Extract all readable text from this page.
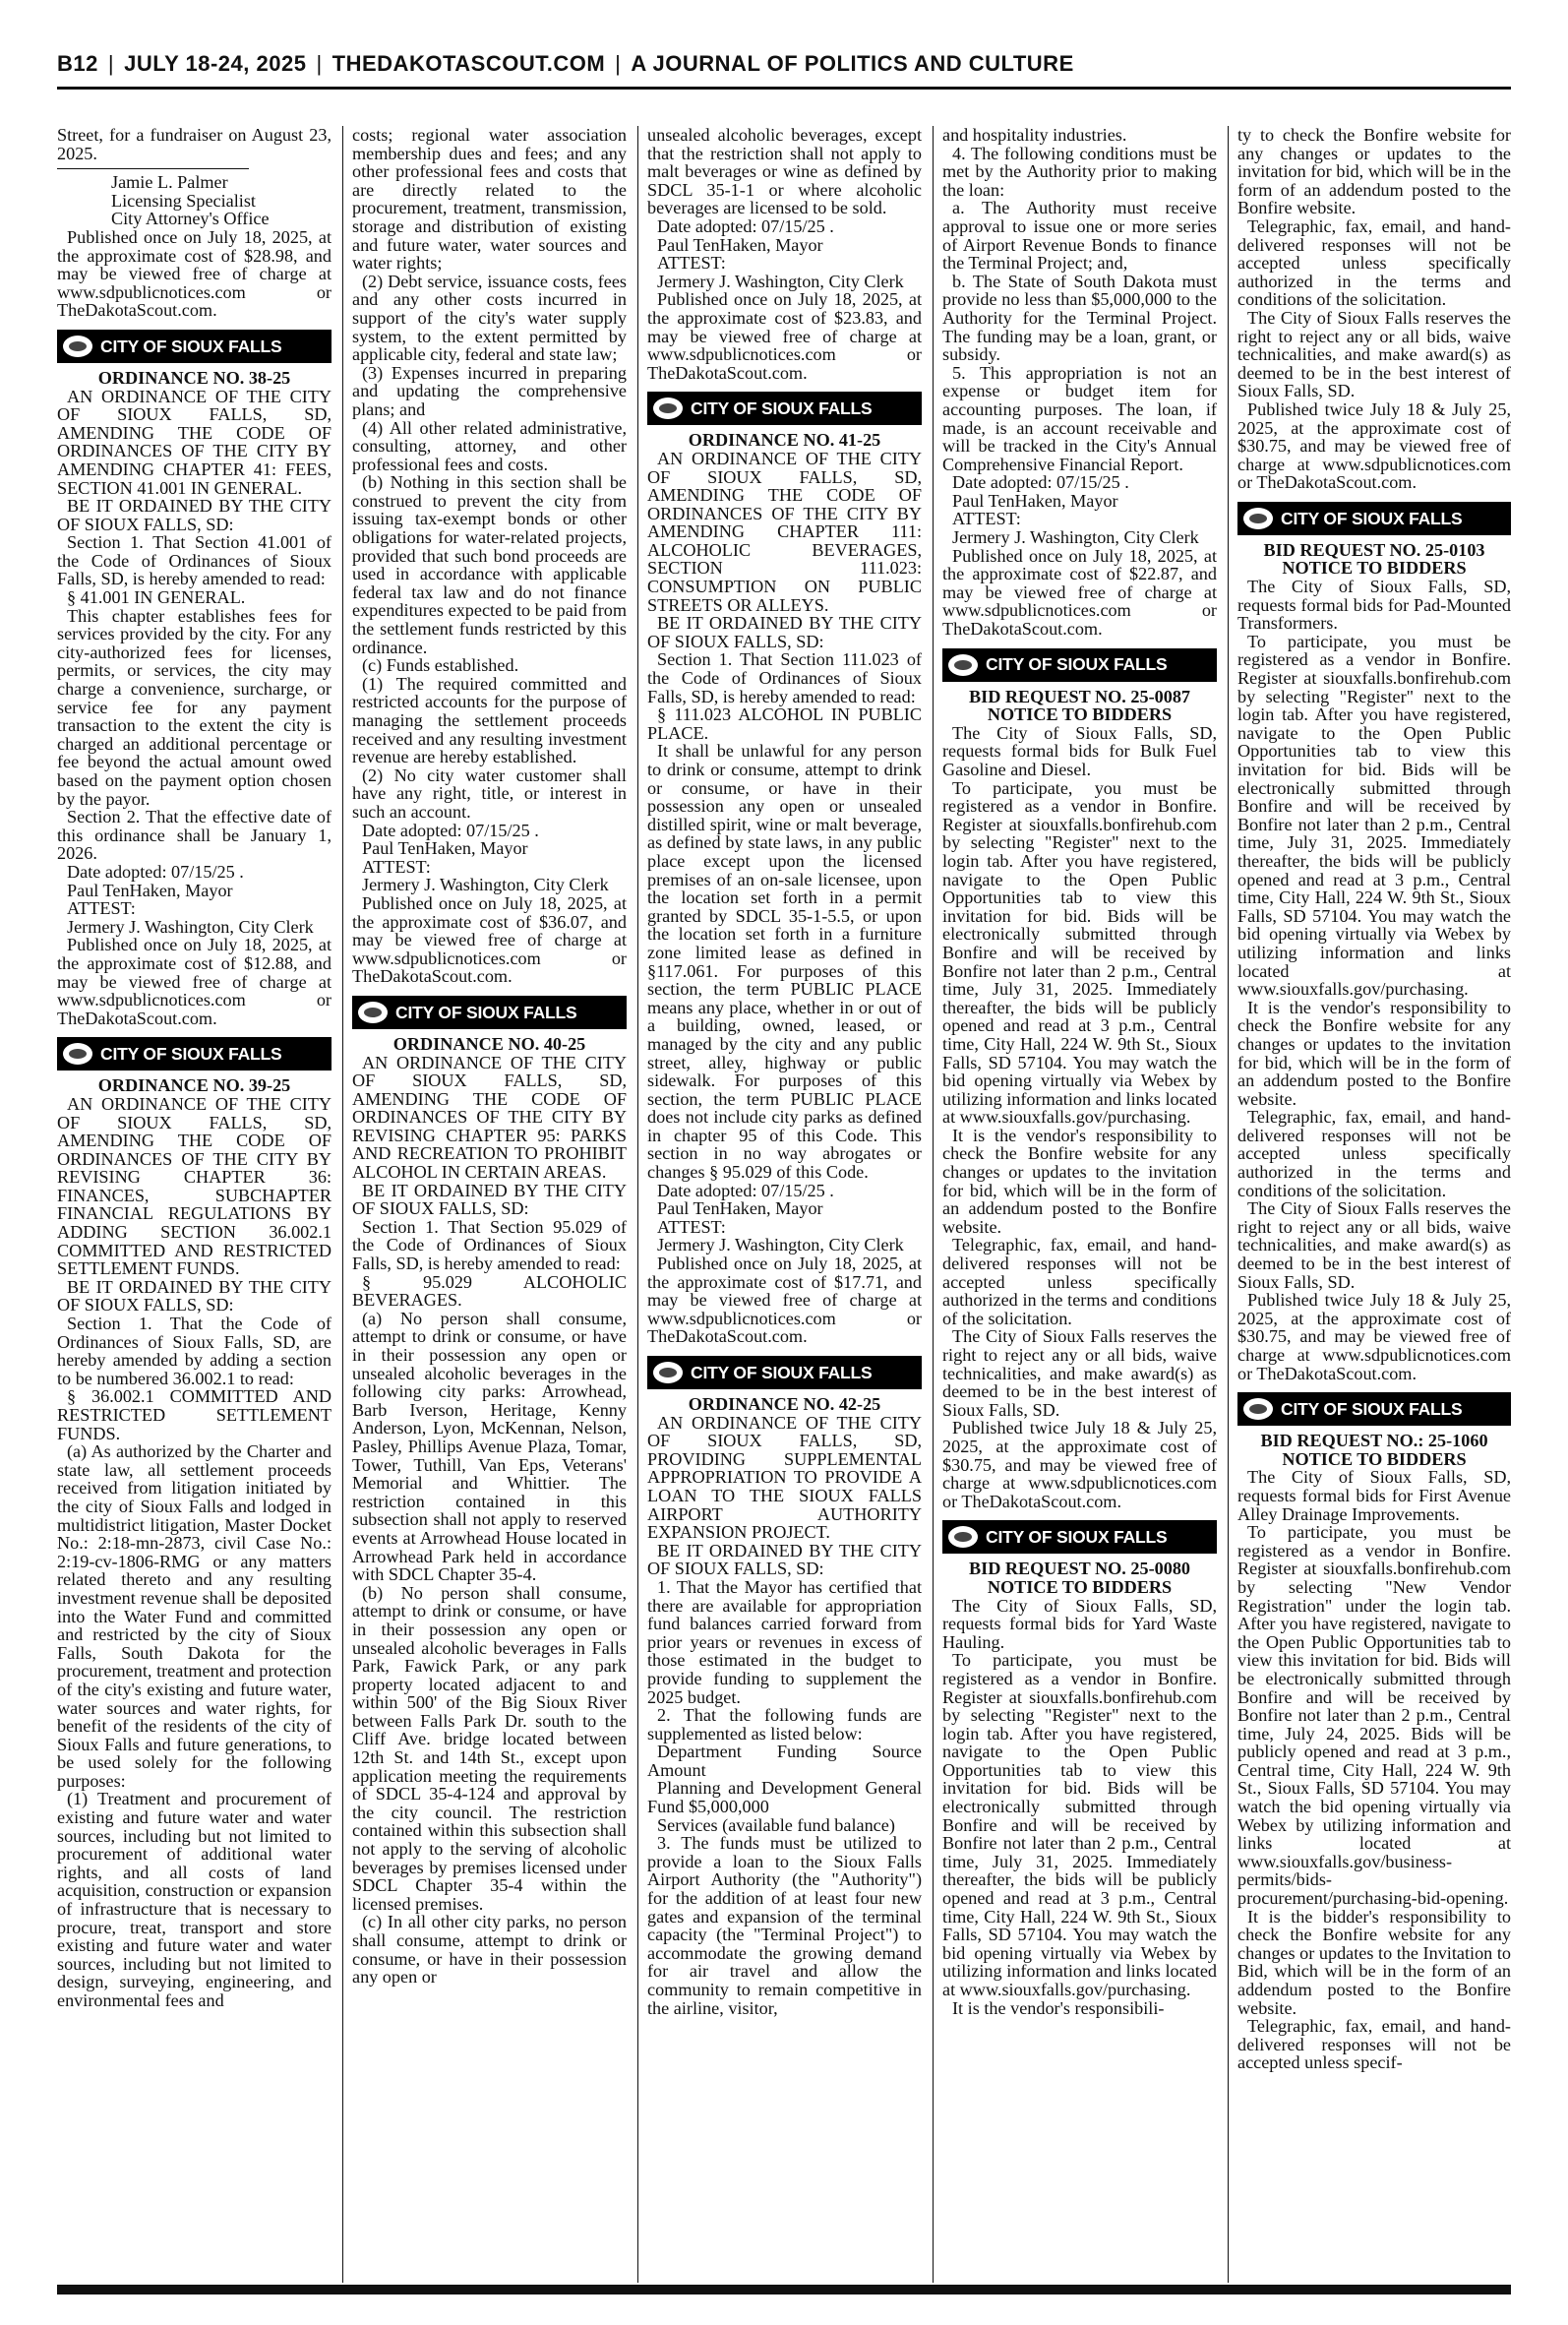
B12 | JULY 18-24, 2025 | THEDAKOTASCOUT.COM | A JOURNAL OF POLITICS AND CULTURE

Street, for a fundraiser on August 23, 2025.

Jamie L. Palmer

Licensing Specialist

City Attorney's Office

Published once on July 18, 2025, at the approximate cost of $28.98, and may be viewed free of charge at www.sdpublicnotices.com or TheDakotaScout.com.

CITY OF SIOUX FALLS

ORDINANCE NO. 38-25

AN ORDINANCE OF THE CITY OF SIOUX FALLS, SD, AMENDING THE CODE OF ORDINANCES OF THE CITY BY AMENDING CHAPTER 41: FEES, SECTION 41.001 IN GENERAL.

BE IT ORDAINED BY THE CITY OF SIOUX FALLS, SD:

Section 1. That Section 41.001 of the Code of Ordinances of Sioux Falls, SD, is hereby amended to read:

§ 41.001 IN GENERAL.

This chapter establishes fees for services provided by the city. For any city-authorized fees for licenses, permits, or services, the city may charge a convenience, surcharge, or service fee for any payment transaction to the extent the city is charged an additional percentage or fee beyond the actual amount owed based on the payment option chosen by the payor.

Section 2. That the effective date of this ordinance shall be January 1, 2026.

Date adopted: 07/15/25 .

Paul TenHaken, Mayor

ATTEST:

Jermery J. Washington, City Clerk

Published once on July 18, 2025, at the approximate cost of $12.88, and may be viewed free of charge at www.sdpublicnotices.com or TheDakotaScout.com.

CITY OF SIOUX FALLS

ORDINANCE NO. 39-25

AN ORDINANCE OF THE CITY OF SIOUX FALLS, SD, AMENDING THE CODE OF ORDINANCES OF THE CITY BY REVISING CHAPTER 36: FINANCES, SUBCHAPTER FINANCIAL REGULATIONS BY ADDING SECTION 36.002.1 COMMITTED AND RESTRICTED SETTLEMENT FUNDS.

BE IT ORDAINED BY THE CITY OF SIOUX FALLS, SD:

Section 1. That the Code of Ordinances of Sioux Falls, SD, are hereby amended by adding a section to be numbered 36.002.1 to read:

§ 36.002.1 COMMITTED AND RESTRICTED SETTLEMENT FUNDS.

(a) As authorized by the Charter and state law, all settlement proceeds received from litigation initiated by the city of Sioux Falls and lodged in multidistrict litigation, Master Docket No.: 2:18-mn-2873, civil Case No.: 2:19-cv-1806-RMG or any matters related thereto and any resulting investment revenue shall be deposited into the Water Fund and committed and restricted by the city of Sioux Falls, South Dakota for the procurement, treatment and protection of the city's existing and future water, water sources and water rights, for benefit of the residents of the city of Sioux Falls and future generations, to be used solely for the following purposes:

(1) Treatment and procurement of existing and future water and water sources, including but not limited to procurement of additional water rights, and all costs of land acquisition, construction or expansion of infrastructure that is necessary to procure, treat, transport and store existing and future water and water sources, including but not limited to design, surveying, engineering, and environmental fees and

costs; regional water association membership dues and fees; and any other professional fees and costs that are directly related to the procurement, treatment, transmission, storage and distribution of existing and future water, water sources and water rights;

(2) Debt service, issuance costs, fees and any other costs incurred in support of the city's water supply system, to the extent permitted by applicable city, federal and state law;

(3) Expenses incurred in preparing and updating the comprehensive plans; and

(4) All other related administrative, consulting, attorney, and other professional fees and costs.

(b) Nothing in this section shall be construed to prevent the city from issuing tax-exempt bonds or other obligations for water-related projects, provided that such bond proceeds are used in accordance with applicable federal tax law and do not finance expenditures expected to be paid from the settlement funds restricted by this ordinance.

(c) Funds established.

(1) The required committed and restricted accounts for the purpose of managing the settlement proceeds received and any resulting investment revenue are hereby established.

(2) No city water customer shall have any right, title, or interest in such an account.

Date adopted: 07/15/25 .

Paul TenHaken, Mayor

ATTEST:

Jermery J. Washington, City Clerk

Published once on July 18, 2025, at the approximate cost of $36.07, and may be viewed free of charge at www.sdpublicnotices.com or TheDakotaScout.com.

CITY OF SIOUX FALLS

ORDINANCE NO. 40-25

AN ORDINANCE OF THE CITY OF SIOUX FALLS, SD, AMENDING THE CODE OF ORDINANCES OF THE CITY BY REVISING CHAPTER 95: PARKS AND RECREATION TO PROHIBIT ALCOHOL IN CERTAIN AREAS.

BE IT ORDAINED BY THE CITY OF SIOUX FALLS, SD:

Section 1. That Section 95.029 of the Code of Ordinances of Sioux Falls, SD, is hereby amended to read:

§ 95.029 ALCOHOLIC BEVERAGES.

(a) No person shall consume, attempt to drink or consume, or have in their possession any open or unsealed alcoholic beverages in the following city parks: Arrowhead, Barb Iverson, Heritage, Kenny Anderson, Lyon, McKennan, Nelson, Pasley, Phillips Avenue Plaza, Tomar, Tower, Tuthill, Van Eps, Veterans' Memorial and Whittier. The restriction contained in this subsection shall not apply to reserved events at Arrowhead House located in Arrowhead Park held in accordance with SDCL Chapter 35-4.

(b) No person shall consume, attempt to drink or consume, or have in their possession any open or unsealed alcoholic beverages in Falls Park, Fawick Park, or any park property located adjacent to and within 500' of the Big Sioux River between Falls Park Dr. south to the Cliff Ave. bridge located between 12th St. and 14th St., except upon application meeting the requirements of SDCL 35-4-124 and approval by the city council. The restriction contained within this subsection shall not apply to the serving of alcoholic beverages by premises licensed under SDCL Chapter 35-4 within the licensed premises.

(c) In all other city parks, no person shall consume, attempt to drink or consume, or have in their possession any open or

unsealed alcoholic beverages, except that the restriction shall not apply to malt beverages or wine as defined by SDCL 35-1-1 or where alcoholic beverages are licensed to be sold.

Date adopted: 07/15/25 .

Paul TenHaken, Mayor

ATTEST:

Jermery J. Washington, City Clerk

Published once on July 18, 2025, at the approximate cost of $23.83, and may be viewed free of charge at www.sdpublicnotices.com or TheDakotaScout.com.

CITY OF SIOUX FALLS

ORDINANCE NO. 41-25

AN ORDINANCE OF THE CITY OF SIOUX FALLS, SD, AMENDING THE CODE OF ORDINANCES OF THE CITY BY AMENDING CHAPTER 111: ALCOHOLIC BEVERAGES, SECTION 111.023: CONSUMPTION ON PUBLIC STREETS OR ALLEYS.

BE IT ORDAINED BY THE CITY OF SIOUX FALLS, SD:

Section 1. That Section 111.023 of the Code of Ordinances of Sioux Falls, SD, is hereby amended to read:

§ 111.023 ALCOHOL IN PUBLIC PLACE.

It shall be unlawful for any person to drink or consume, attempt to drink or consume, or have in their possession any open or unsealed distilled spirit, wine or malt beverage, as defined by state laws, in any public place except upon the licensed premises of an on-sale licensee, upon the location set forth in a permit granted by SDCL 35-1-5.5, or upon the location set forth in a furniture zone limited lease as defined in §117.061. For purposes of this section, the term PUBLIC PLACE means any place, whether in or out of a building, owned, leased, or managed by the city and any public street, alley, highway or public sidewalk. For purposes of this section, the term PUBLIC PLACE does not include city parks as defined in chapter 95 of this Code. This section in no way abrogates or changes § 95.029 of this Code.

Date adopted: 07/15/25 .

Paul TenHaken, Mayor

ATTEST:

Jermery J. Washington, City Clerk

Published once on July 18, 2025, at the approximate cost of $17.71, and may be viewed free of charge at www.sdpublicnotices.com or TheDakotaScout.com.

CITY OF SIOUX FALLS

ORDINANCE NO. 42-25

AN ORDINANCE OF THE CITY OF SIOUX FALLS, SD, PROVIDING SUPPLEMENTAL APPROPRIATION TO PROVIDE A LOAN TO THE SIOUX FALLS AIRPORT AUTHORITY EXPANSION PROJECT.

BE IT ORDAINED BY THE CITY OF SIOUX FALLS, SD:

1. That the Mayor has certified that there are available for appropriation fund balances carried forward from prior years or revenues in excess of those estimated in the budget to provide funding to supplement the 2025 budget.

2. That the following funds are supplemented as listed below:

Department Funding Source Amount

Planning and Development General Fund $5,000,000

Services (available fund balance)

3. The funds must be utilized to provide a loan to the Sioux Falls Airport Authority (the "Authority") for the addition of at least four new gates and expansion of the terminal capacity (the "Terminal Project") to accommodate the growing demand for air travel and allow the community to remain competitive in the airline, visitor,

and hospitality industries.

4. The following conditions must be met by the Authority prior to making the loan:

a. The Authority must receive approval to issue one or more series of Airport Revenue Bonds to finance the Terminal Project; and,

b. The State of South Dakota must provide no less than $5,000,000 to the Authority for the Terminal Project. The funding may be a loan, grant, or subsidy.

5. This appropriation is not an expense or budget item for accounting purposes. The loan, if made, is an account receivable and will be tracked in the City's Annual Comprehensive Financial Report.

Date adopted: 07/15/25 .

Paul TenHaken, Mayor

ATTEST:

Jermery J. Washington, City Clerk

Published once on July 18, 2025, at the approximate cost of $22.87, and may be viewed free of charge at www.sdpublicnotices.com or TheDakotaScout.com.

CITY OF SIOUX FALLS

BID REQUEST NO. 25-0087

NOTICE TO BIDDERS

The City of Sioux Falls, SD, requests formal bids for Bulk Fuel Gasoline and Diesel.

To participate, you must be registered as a vendor in Bonfire. Register at siouxfalls.bonfirehub.com by selecting "Register" next to the login tab. After you have registered, navigate to the Open Public Opportunities tab to view this invitation for bid. Bids will be electronically submitted through Bonfire and will be received by Bonfire not later than 2 p.m., Central time, July 31, 2025. Immediately thereafter, the bids will be publicly opened and read at 3 p.m., Central time, City Hall, 224 W. 9th St., Sioux Falls, SD 57104. You may watch the bid opening virtually via Webex by utilizing information and links located at www.siouxfalls.gov/purchasing.

It is the vendor's responsibility to check the Bonfire website for any changes or updates to the invitation for bid, which will be in the form of an addendum posted to the Bonfire website.

Telegraphic, fax, email, and hand-delivered responses will not be accepted unless specifically authorized in the terms and conditions of the solicitation.

The City of Sioux Falls reserves the right to reject any or all bids, waive technicalities, and make award(s) as deemed to be in the best interest of Sioux Falls, SD.

Published twice July 18 & July 25, 2025, at the approximate cost of $30.75, and may be viewed free of charge at www.sdpublicnotices.com or TheDakotaScout.com.

CITY OF SIOUX FALLS

BID REQUEST NO. 25-0080

NOTICE TO BIDDERS

The City of Sioux Falls, SD, requests formal bids for Yard Waste Hauling.

To participate, you must be registered as a vendor in Bonfire. Register at siouxfalls.bonfirehub.com by selecting "Register" next to the login tab. After you have registered, navigate to the Open Public Opportunities tab to view this invitation for bid. Bids will be electronically submitted through Bonfire and will be received by Bonfire not later than 2 p.m., Central time, July 31, 2025. Immediately thereafter, the bids will be publicly opened and read at 3 p.m., Central time, City Hall, 224 W. 9th St., Sioux Falls, SD 57104. You may watch the bid opening virtually via Webex by utilizing information and links located at www.siouxfalls.gov/purchasing.

It is the vendor's responsibili-

ty to check the Bonfire website for any changes or updates to the invitation for bid, which will be in the form of an addendum posted to the Bonfire website.

Telegraphic, fax, email, and hand-delivered responses will not be accepted unless specifically authorized in the terms and conditions of the solicitation.

The City of Sioux Falls reserves the right to reject any or all bids, waive technicalities, and make award(s) as deemed to be in the best interest of Sioux Falls, SD.

Published twice July 18 & July 25, 2025, at the approximate cost of $30.75, and may be viewed free of charge at www.sdpublicnotices.com or TheDakotaScout.com.

CITY OF SIOUX FALLS

BID REQUEST NO. 25-0103

NOTICE TO BIDDERS

The City of Sioux Falls, SD, requests formal bids for Pad-Mounted Transformers.

To participate, you must be registered as a vendor in Bonfire. Register at siouxfalls.bonfirehub.com by selecting "Register" next to the login tab. After you have registered, navigate to the Open Public Opportunities tab to view this invitation for bid. Bids will be electronically submitted through Bonfire and will be received by Bonfire not later than 2 p.m., Central time, July 31, 2025. Immediately thereafter, the bids will be publicly opened and read at 3 p.m., Central time, City Hall, 224 W. 9th St., Sioux Falls, SD 57104. You may watch the bid opening virtually via Webex by utilizing information and links located at www.siouxfalls.gov/purchasing.

It is the vendor's responsibility to check the Bonfire website for any changes or updates to the invitation for bid, which will be in the form of an addendum posted to the Bonfire website.

Telegraphic, fax, email, and hand-delivered responses will not be accepted unless specifically authorized in the terms and conditions of the solicitation.

The City of Sioux Falls reserves the right to reject any or all bids, waive technicalities, and make award(s) as deemed to be in the best interest of Sioux Falls, SD.

Published twice July 18 & July 25, 2025, at the approximate cost of $30.75, and may be viewed free of charge at www.sdpublicnotices.com or TheDakotaScout.com.

CITY OF SIOUX FALLS

BID REQUEST NO.: 25-1060

NOTICE TO BIDDERS

The City of Sioux Falls, SD, requests formal bids for First Avenue Alley Drainage Improvements.

To participate, you must be registered as a vendor in Bonfire. Register at siouxfalls.bonfirehub.com by selecting "New Vendor Registration" under the login tab. After you have registered, navigate to the Open Public Opportunities tab to view this invitation for bid. Bids will be electronically submitted through Bonfire and will be received by Bonfire not later than 2 p.m., Central time, July 24, 2025. Bids will be publicly opened and read at 3 p.m., Central time, City Hall, 224 W. 9th St., Sioux Falls, SD 57104. You may watch the bid opening virtually via Webex by utilizing information and links located at www.siouxfalls.gov/business-permits/bids-procurement/purchasing-bid-opening.

It is the bidder's responsibility to check the Bonfire website for any changes or updates to the Invitation to Bid, which will be in the form of an addendum posted to the Bonfire website.

Telegraphic, fax, email, and hand-delivered responses will not be accepted unless specif-
